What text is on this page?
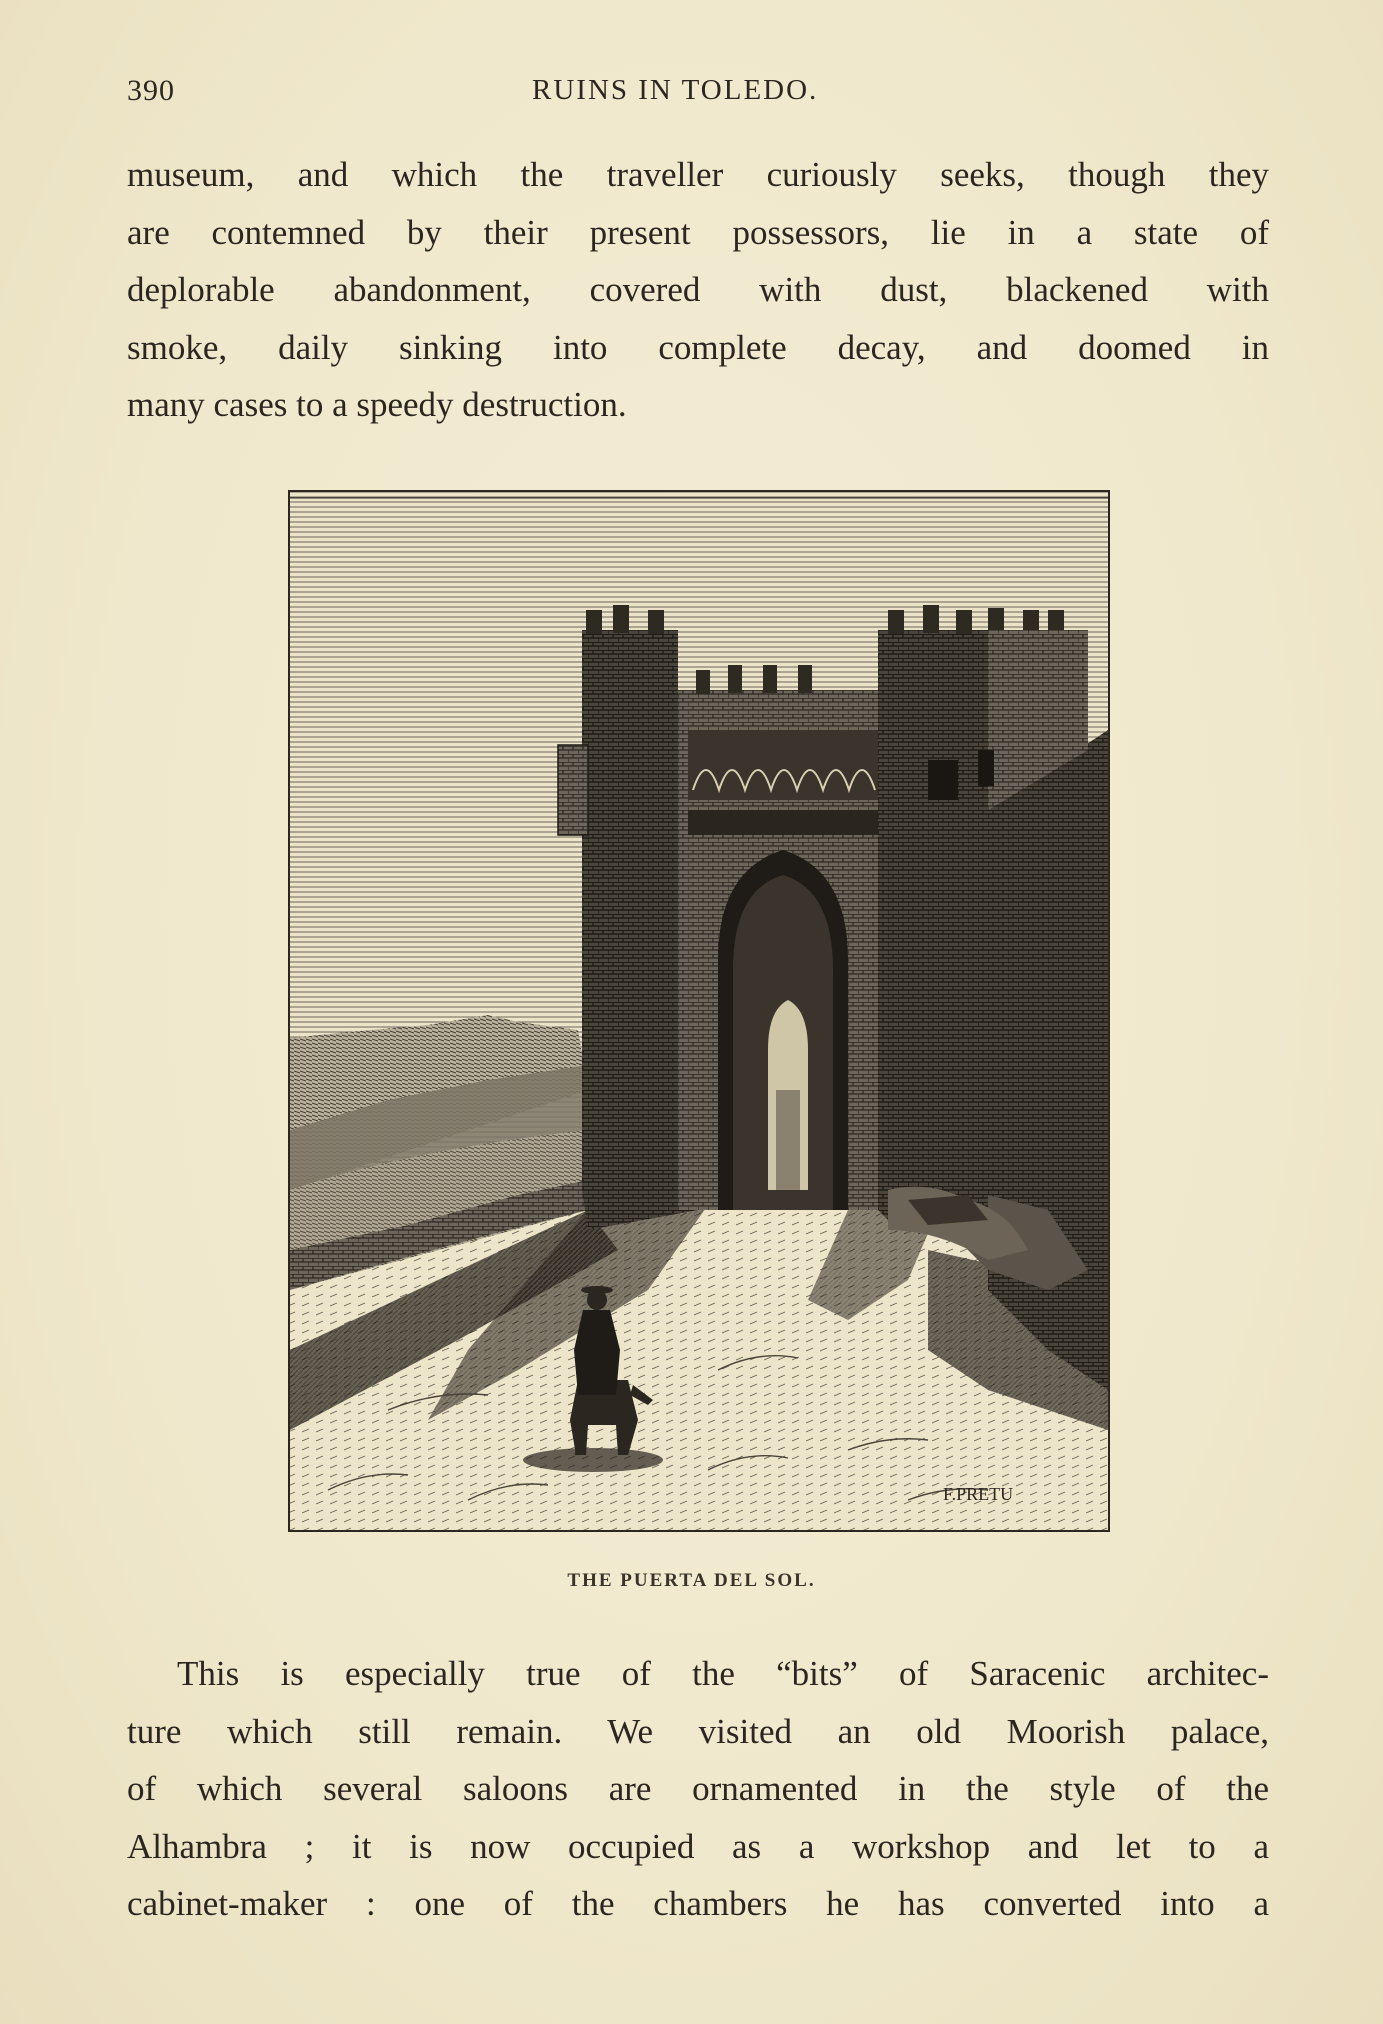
390	RUINS IN TOLEDO.
museum, and which the traveller curiously seeks, though they
are contemned by their present possessors, lie in a state of
deplorable abandonment, covered with dust, blackened with
smoke, daily sinking into complete decay, and doomed in
many cases to a speedy destruction.
F.PRETU
THE PUERTA DEL SOL.
This is especially true of the “bits” of Saracenic architec-
ture which still remain. We visited an old Moorish palace,
of which several saloons are ornamented in the style of the
Alhambra ; it is now occupied as a workshop and let to a
cabinet-maker : one of the chambers he has converted into a
